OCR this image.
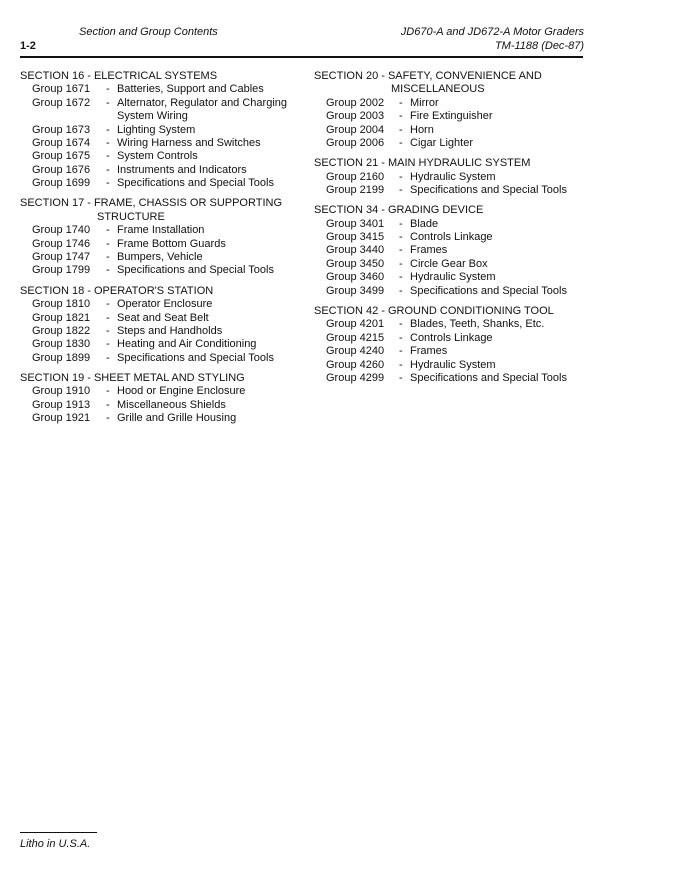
Section and Group Contents
1-2
JD670-A and JD672-A Motor Graders
TM-1188 (Dec-87)
SECTION 16 - ELECTRICAL SYSTEMS
Group 1671	- Batteries, Support and Cables
Group 1672	- Alternator, Regulator and Charging System Wiring
Group 1673	- Lighting System
Group 1674	- Wiring Harness and Switches
Group 1675	- System Controls
Group 1676	- Instruments and Indicators
Group 1699	- Specifications and Special Tools
SECTION 17 - FRAME, CHASSIS OR SUPPORTING
STRUCTURE
Group 1740	- Frame Installation
Group 1746	- Frame Bottom Guards
Group 1747	- Bumpers, Vehicle
Group 1799	- Specifications and Special Tools
SECTION 18 - OPERATOR'S STATION
Group 1810	- Operator Enclosure
Group 1821	- Seat and Seat Belt
Group 1822	- Steps and Handholds
Group 1830	- Heating and Air Conditioning
Group 1899	- Specifications and Special Tools
SECTION 19 - SHEET METAL AND STYLING
Group 1910	- Hood or Engine Enclosure
Group 1913	- Miscellaneous Shields
Group 1921	- Grille and Grille Housing
SECTION 20 - SAFETY, CONVENIENCE AND
MISCELLANEOUS
Group 2002	- Mirror
Group 2003	- Fire Extinguisher
Group 2004	- Horn
Group 2006	- Cigar Lighter
SECTION 21 - MAIN HYDRAULIC SYSTEM
Group 2160	- Hydraulic System
Group 2199	- Specifications and Special Tools
SECTION 34 - GRADING DEVICE
Group 3401	- Blade
Group 3415	- Controls Linkage
Group 3440	- Frames
Group 3450	- Circle Gear Box
Group 3460	- Hydraulic System
Group 3499	- Specifications and Special Tools
SECTION 42 - GROUND CONDITIONING TOOL
Group 4201	- Blades, Teeth, Shanks, Etc.
Group 4215	- Controls Linkage
Group 4240	- Frames
Group 4260	- Hydraulic System
Group 4299	- Specifications and Special Tools
Litho in U.S.A.
